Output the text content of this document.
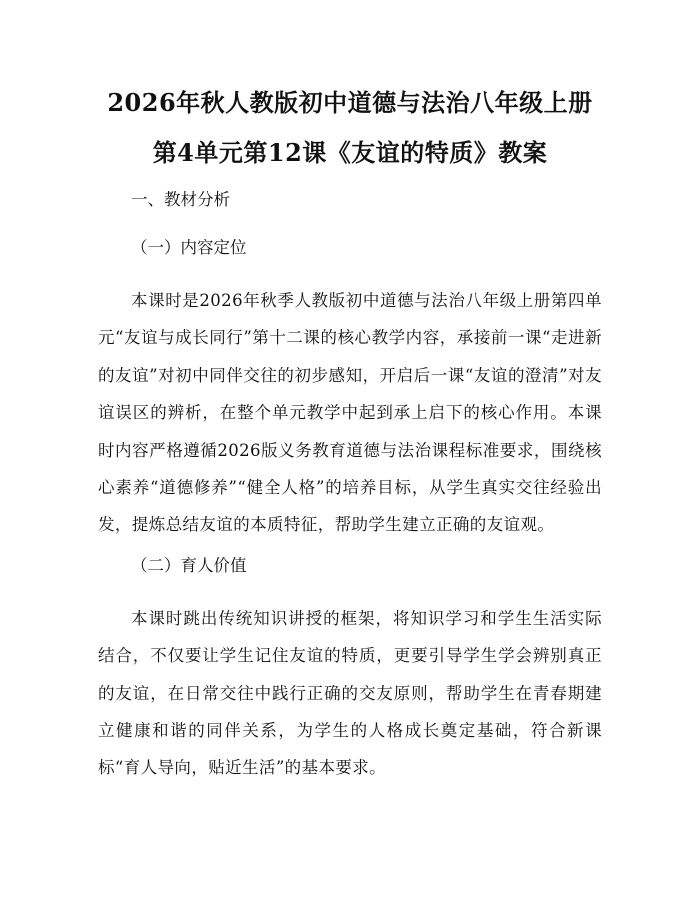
2026年秋人教版初中道德与法治八年级上册
第4单元第12课《友谊的特质》教案

一、教材分析

（一）内容定位

本课时是2026年秋季人教版初中道德与法治八年级上册第四单元“友谊与成长同行”第十二课的核心教学内容，承接前一课“走进新的友谊”对初中同伴交往的初步感知，开启后一课“友谊的澄清”对友谊误区的辨析，在整个单元教学中起到承上启下的核心作用。本课时内容严格遵循2026版义务教育道德与法治课程标准要求，围绕核心素养“道德修养”“健全人格”的培养目标，从学生真实交往经验出发，提炼总结友谊的本质特征，帮助学生建立正确的友谊观。

（二）育人价值

本课时跳出传统知识讲授的框架，将知识学习和学生生活实际结合，不仅要让学生记住友谊的特质，更要引导学生学会辨别真正的友谊，在日常交往中践行正确的交友原则，帮助学生在青春期建立健康和谐的同伴关系，为学生的人格成长奠定基础，符合新课标“育人导向，贴近生活”的基本要求。
